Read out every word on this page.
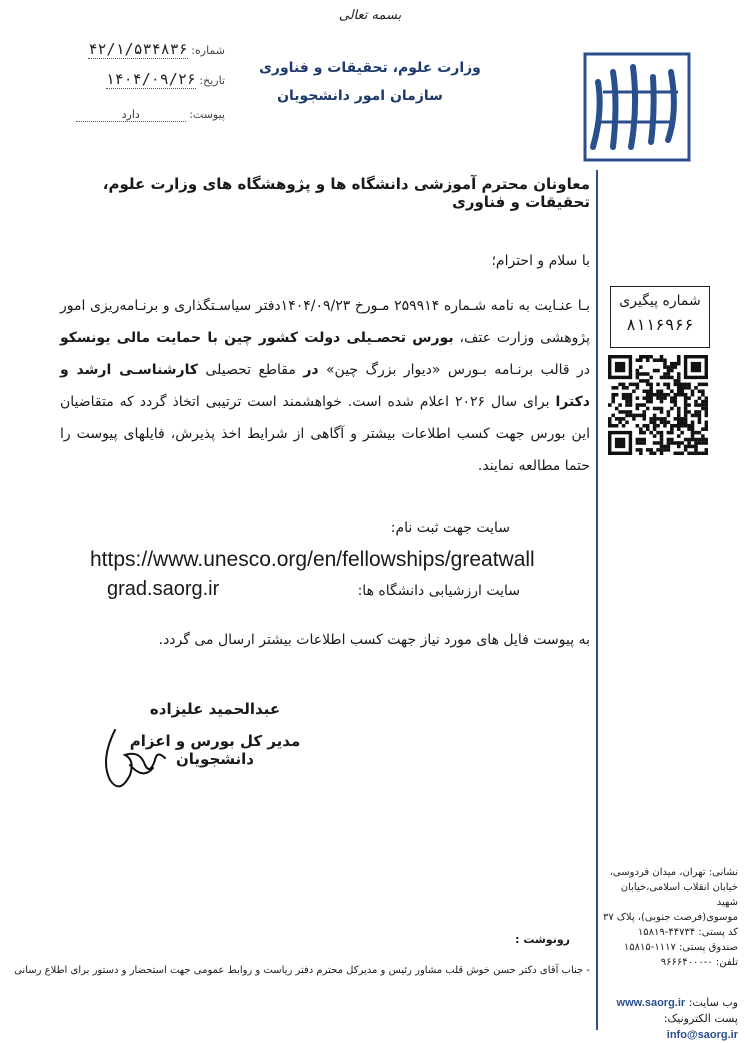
بسمه تعالی
وزارت علوم، تحقیقات و فناوری
سازمان امور دانشجویان
شماره: ۴۲/۱/۵۳۴۸۳۶
تاریخ: ۱۴۰۴/۰۹/۲۶
پیوست: دارد
معاونان محترم آموزشی دانشگاه ها و پژوهشگاه های وزارت علوم، تحقیقات و فناوری
با سلام و احترام؛
بـا عنـایت به نامه شـماره ۲۵۹۹۱۴ مـورخ ۱۴۰۴/۰۹/۲۳دفتر سیاسـتگذاری و برنـامه‌ریزی امور پژوهشی وزارت عتف، بورس تحصـیلی دولت کشور چین با حمایت مالی یونسکو در قالب برنـامه بـورس «دیوار بزرگ چین» در مقاطع تحصیلی کارشناسـی ارشد و دکترا برای سال ۲۰۲۶ اعلام شده است. خواهشمند است ترتیبی اتخاذ گردد که متقاضیان این بورس جهت کسب اطلاعات بیشتر و آگاهی از شرایط اخذ پذیرش، فایلهای پیوست را حتما مطالعه نمایند.
سایت جهت ثبت نام:
https://www.unesco.org/en/fellowships/greatwall
grad.saorg.ir	سایت ارزشیابی دانشگاه ها:
به پیوست فایل های مورد نیاز جهت کسب اطلاعات بیشتر ارسال می گردد.
عبدالحمید علیزاده
مدیر کل بورس و اعزام دانشجویان
شماره پیگیری
۸۱۱۶۹۶۶
نشانی: تهران، میدان فردوسی،
خیابان انقلاب اسلامی،خیابان شهید
موسوی(فرصت جنوبی)، پلاک ۳۷
کد پستی: ۴۴۷۳۴-۱۵۸۱۹
صندوق پستی: ۱۱۱۷-۱۵۸۱۵
تلفن: ۰-۹۶۶۶۴۰۰۰
وب سایت: www.saorg.ir
پست الکترونیک: info@saorg.ir
رونوشت :
- جناب آقای دکتر حسن خوش قلب مشاور رئیس و مدیرکل محترم دفتر ریاست و روابط عمومی جهت استحضار و دستور برای اطلاع رسانی
